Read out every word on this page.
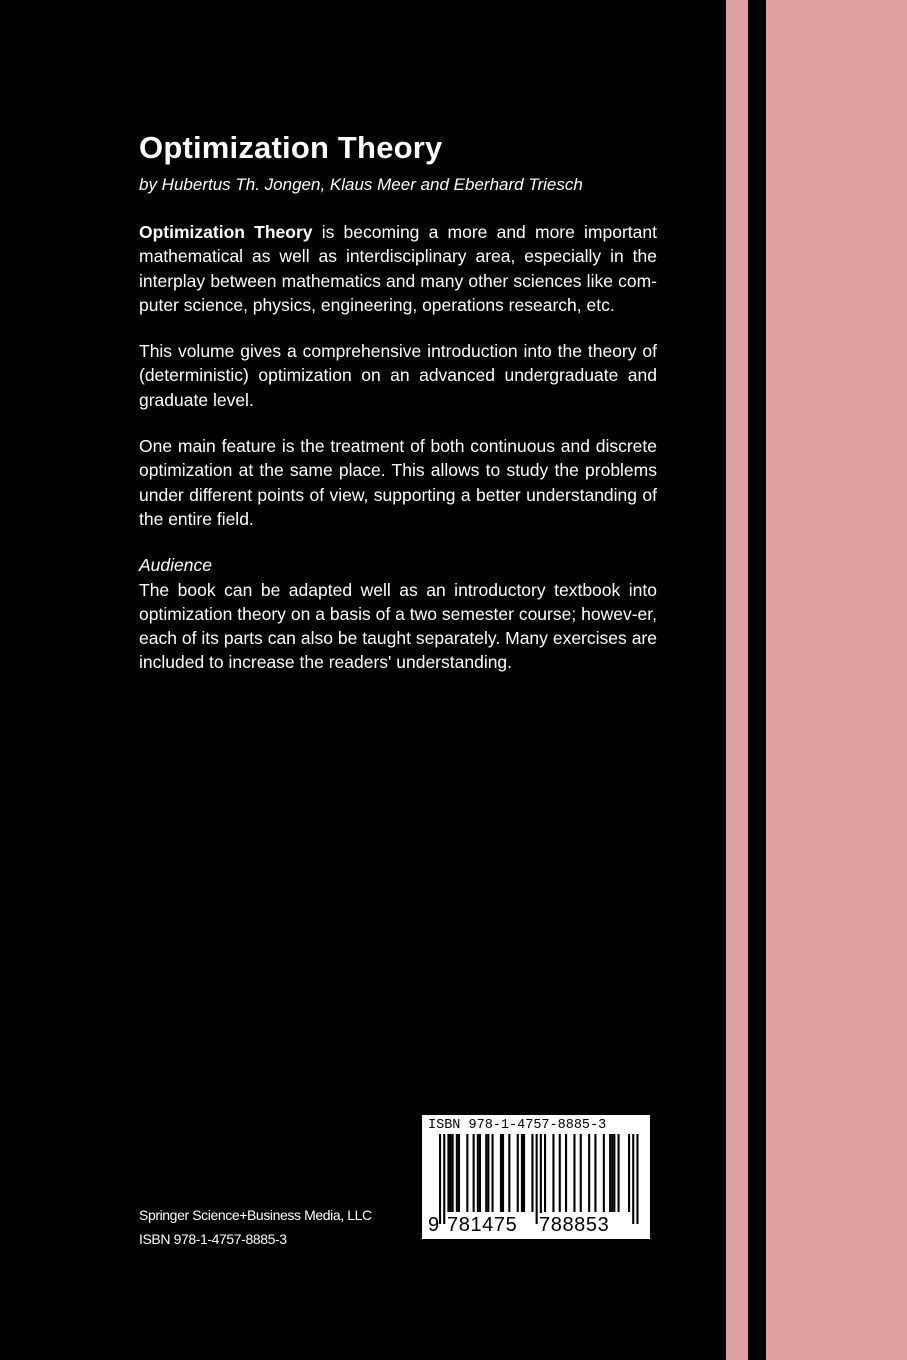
Optimization Theory
by Hubertus Th. Jongen, Klaus Meer and Eberhard Triesch

Optimization Theory is becoming a more and more important mathematical as well as interdisciplinary area, especially in the interplay between mathematics and many other sciences like com-puter science, physics, engineering, operations research, etc.

This volume gives a comprehensive introduction into the theory of (deterministic) optimization on an advanced undergraduate and graduate level.

One main feature is the treatment of both continuous and discrete optimization at the same place. This allows to study the problems under different points of view, supporting a better understanding of the entire field.

Audience
The book can be adapted well as an introductory textbook into optimization theory on a basis of a two semester course; howev-er, each of its parts can also be taught separately. Many exercises are included to increase the readers' understanding.

Springer Science+Business Media, LLC
ISBN 978-1-4757-8885-3
ISBN 978-1-4757-8885-3
9 781475 788853
